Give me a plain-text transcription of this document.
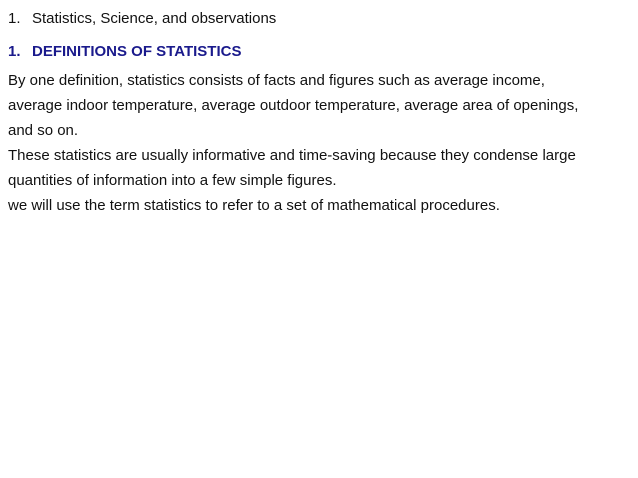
1. Statistics, Science, and observations
1. DEFINITIONS OF STATISTICS

By one definition, statistics consists of facts and figures such as average income,

average indoor temperature, average outdoor temperature, average area of openings,

and so on.

These statistics are usually informative and time-saving because they condense large

quantities of information into a few simple figures.

we will use the term statistics to refer to a set of mathematical procedures.
